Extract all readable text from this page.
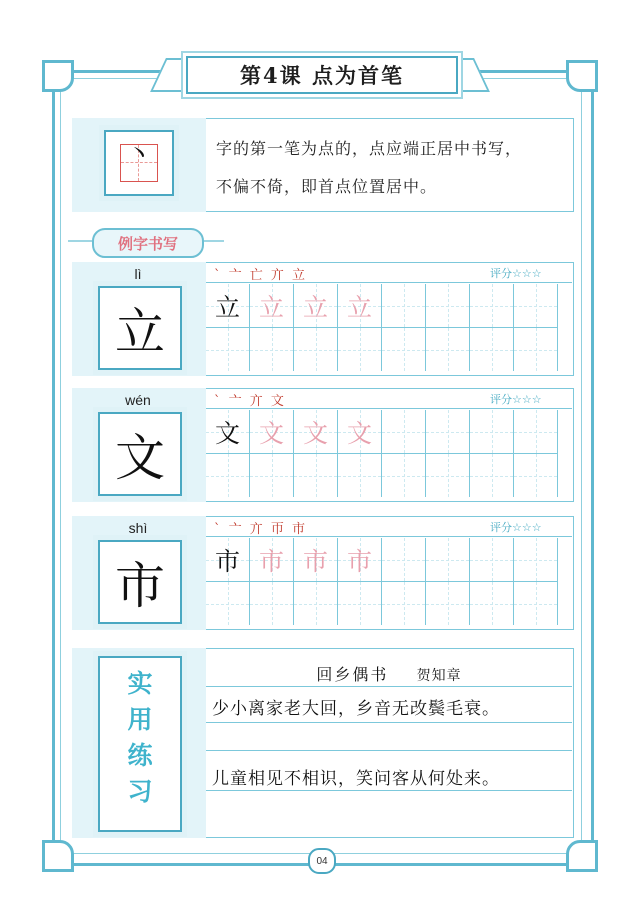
第4课 点为首笔
丶	字的第一笔为点的，点应端正居中书写，
不偏不倚，即首点位置居中。
例字书写
lì
立
` 亠 亡 亣 立	评分☆☆☆
立 立 立 立
wén
文
` 亠 亣 文	评分☆☆☆
文 文 文 文
shì
市
` 亠 亣 帀 市	评分☆☆☆
市 市 市 市
实
用
练
习
回乡偶书 贺知章
少小离家老大回，乡音无改鬓毛衰。
儿童相见不相识，笑问客从何处来。
04
